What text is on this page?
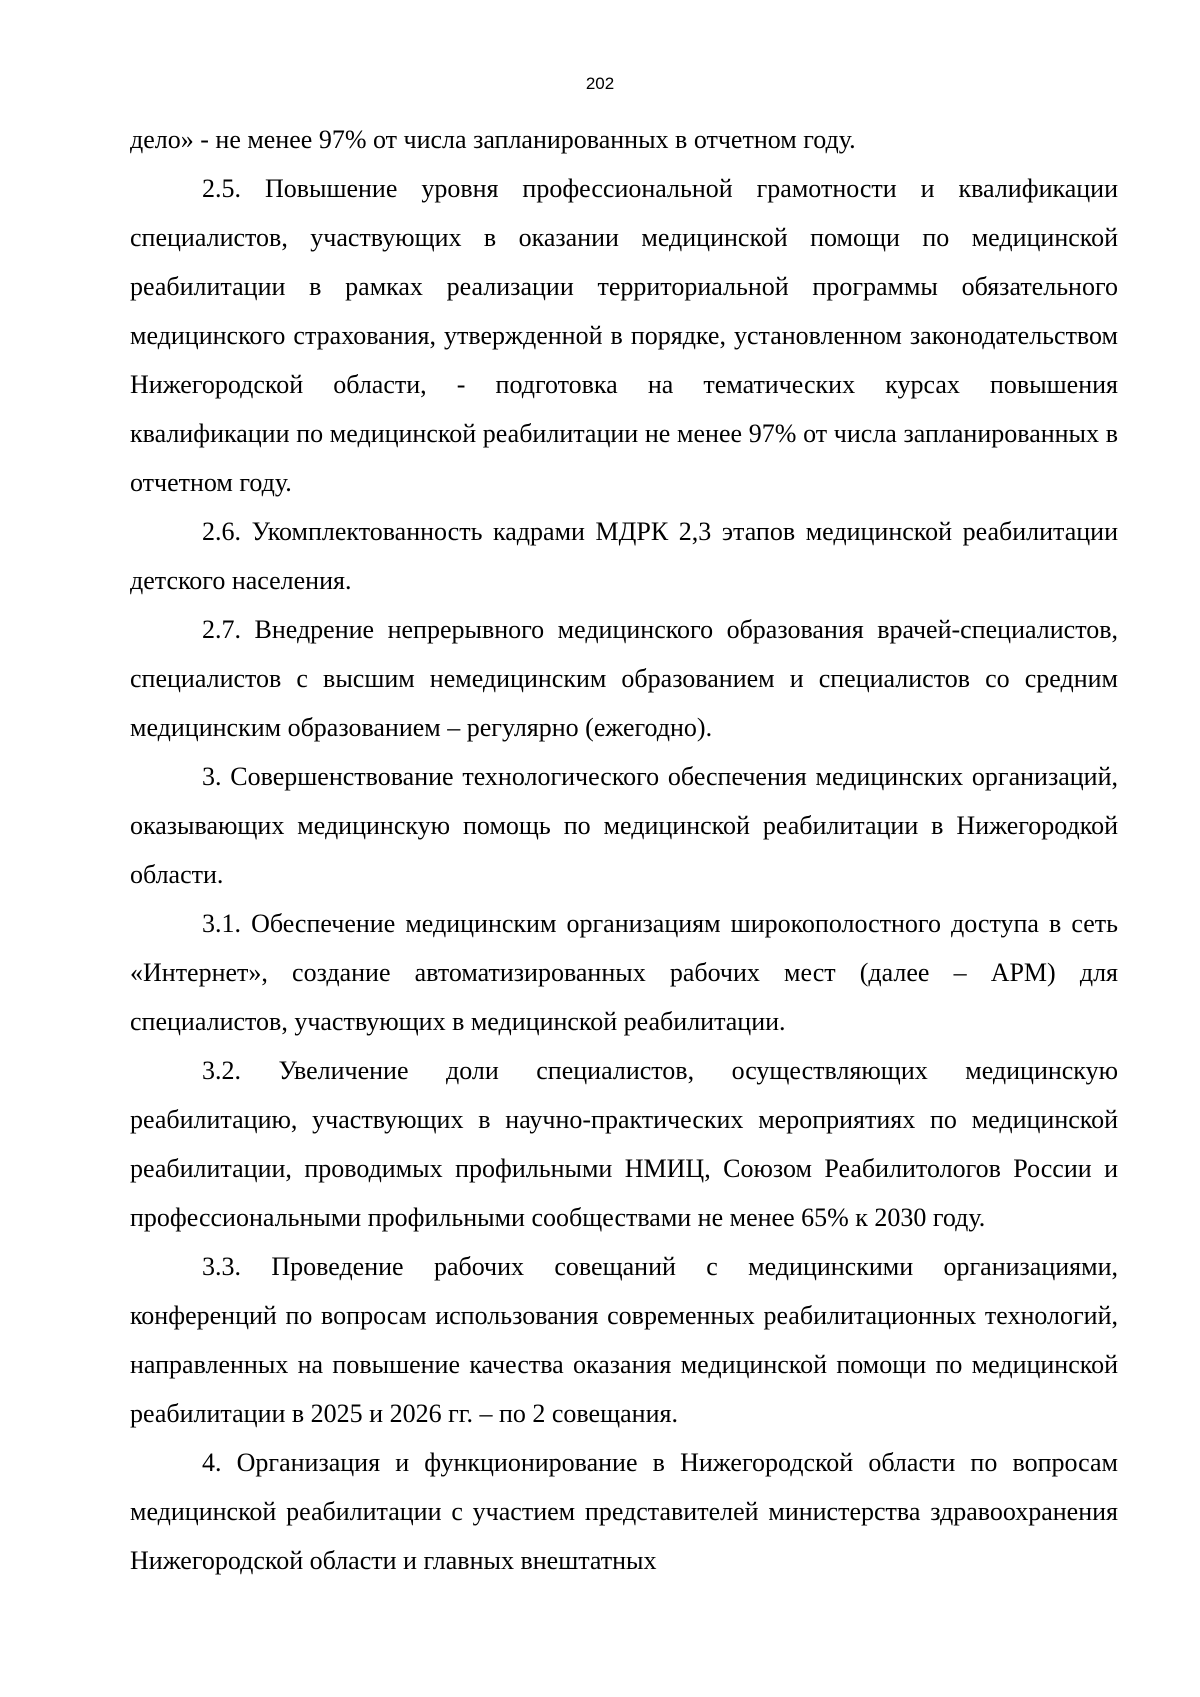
202

дело» - не менее 97% от числа запланированных в отчетном году.

2.5. Повышение уровня профессиональной грамотности и квалификации специалистов, участвующих в оказании медицинской помощи по медицинской реабилитации в рамках реализации территориальной программы обязательного медицинского страхования, утвержденной в порядке, установленном законодательством Нижегородской области, - подготовка на тематических курсах повышения квалификации по медицинской реабилитации не менее 97% от числа запланированных в отчетном году.

2.6. Укомплектованность кадрами МДРК 2,3 этапов медицинской реабилитации детского населения.

2.7. Внедрение непрерывного медицинского образования врачей-специалистов, специалистов с высшим немедицинским образованием и специалистов со средним медицинским образованием – регулярно (ежегодно).

3. Совершенствование технологического обеспечения медицинских организаций, оказывающих медицинскую помощь по медицинской реабилитации в Нижегородкой области.

3.1. Обеспечение медицинским организациям широкополостного доступа в сеть «Интернет», создание автоматизированных рабочих мест (далее – АРМ) для специалистов, участвующих в медицинской реабилитации.

3.2. Увеличение доли специалистов, осуществляющих медицинскую реабилитацию, участвующих в научно-практических мероприятиях по медицинской реабилитации, проводимых профильными НМИЦ, Союзом Реабилитологов России и профессиональными профильными сообществами не менее 65% к 2030 году.

3.3. Проведение рабочих совещаний с медицинскими организациями, конференций по вопросам использования современных реабилитационных технологий, направленных на повышение качества оказания медицинской помощи по медицинской реабилитации в 2025 и 2026 гг. – по 2 совещания.

4. Организация и функционирование в Нижегородской области по вопросам медицинской реабилитации с участием представителей министерства здравоохранения Нижегородской области и главных внештатных
